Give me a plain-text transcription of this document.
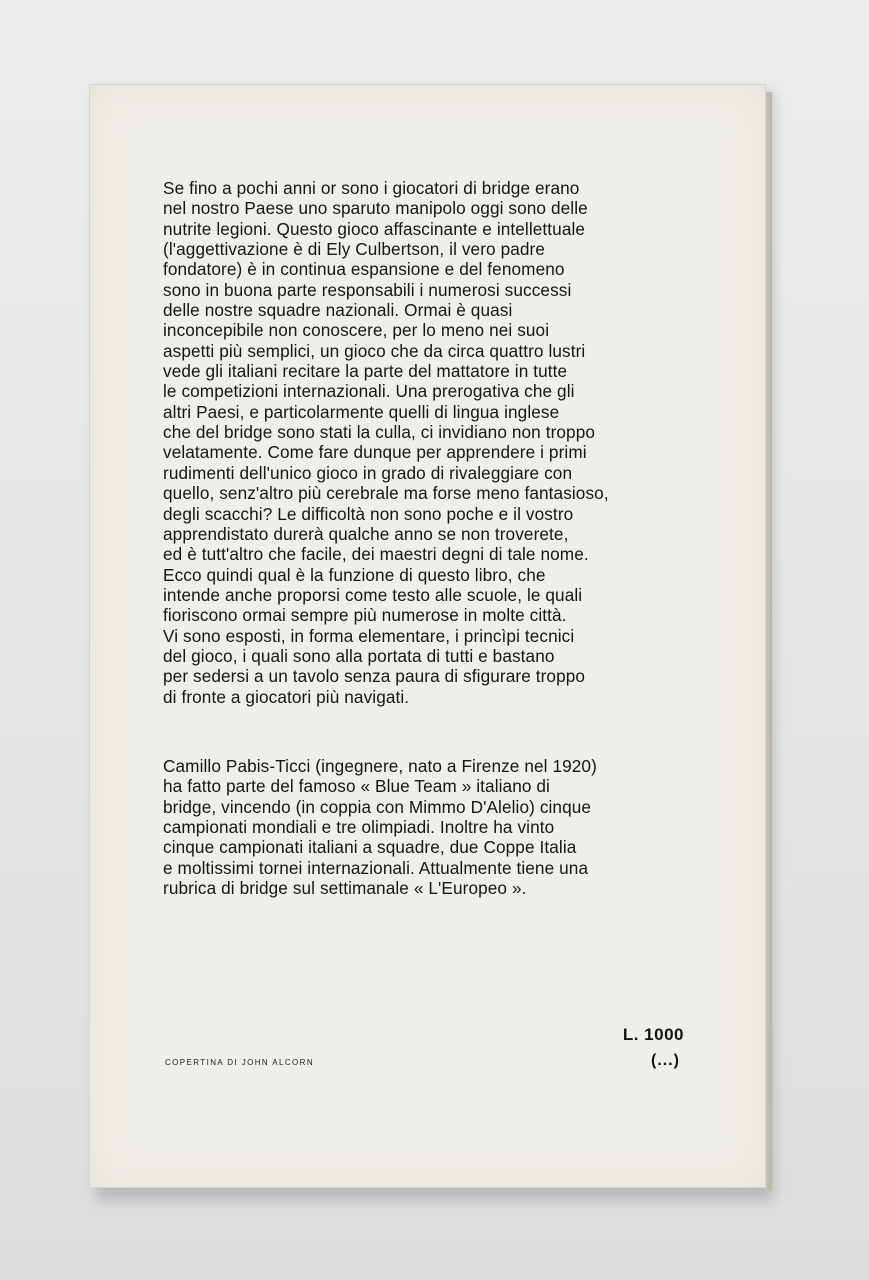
Se fino a pochi anni or sono i giocatori di bridge erano
nel nostro Paese uno sparuto manipolo oggi sono delle
nutrite legioni. Questo gioco affascinante e intellettuale
(l'aggettivazione è di Ely Culbertson, il vero padre
fondatore) è in continua espansione e del fenomeno
sono in buona parte responsabili i numerosi successi
delle nostre squadre nazionali. Ormai è quasi
inconcepibile non conoscere, per lo meno nei suoi
aspetti più semplici, un gioco che da circa quattro lustri
vede gli italiani recitare la parte del mattatore in tutte
le competizioni internazionali. Una prerogativa che gli
altri Paesi, e particolarmente quelli di lingua inglese
che del bridge sono stati la culla, ci invidiano non troppo
velatamente. Come fare dunque per apprendere i primi
rudimenti dell'unico gioco in grado di rivaleggiare con
quello, senz'altro più cerebrale ma forse meno fantasioso,
degli scacchi? Le difficoltà non sono poche e il vostro
apprendistato durerà qualche anno se non troverete,
ed è tutt'altro che facile, dei maestri degni di tale nome.
Ecco quindi qual è la funzione di questo libro, che
intende anche proporsi come testo alle scuole, le quali
fioriscono ormai sempre più numerose in molte città.
Vi sono esposti, in forma elementare, i princìpi tecnici
del gioco, i quali sono alla portata di tutti e bastano
per sedersi a un tavolo senza paura di sfigurare troppo
di fronte a giocatori più navigati.
Camillo Pabis-Ticci (ingegnere, nato a Firenze nel 1920)
ha fatto parte del famoso « Blue Team » italiano di
bridge, vincendo (in coppia con Mimmo D'Alelio) cinque
campionati mondiali e tre olimpiadi. Inoltre ha vinto
cinque campionati italiani a squadre, due Coppe Italia
e moltissimi tornei internazionali. Attualmente tiene una
rubrica di bridge sul settimanale « L'Europeo ».
L. 1000
(...)
COPERTINA DI JOHN ALCORN
